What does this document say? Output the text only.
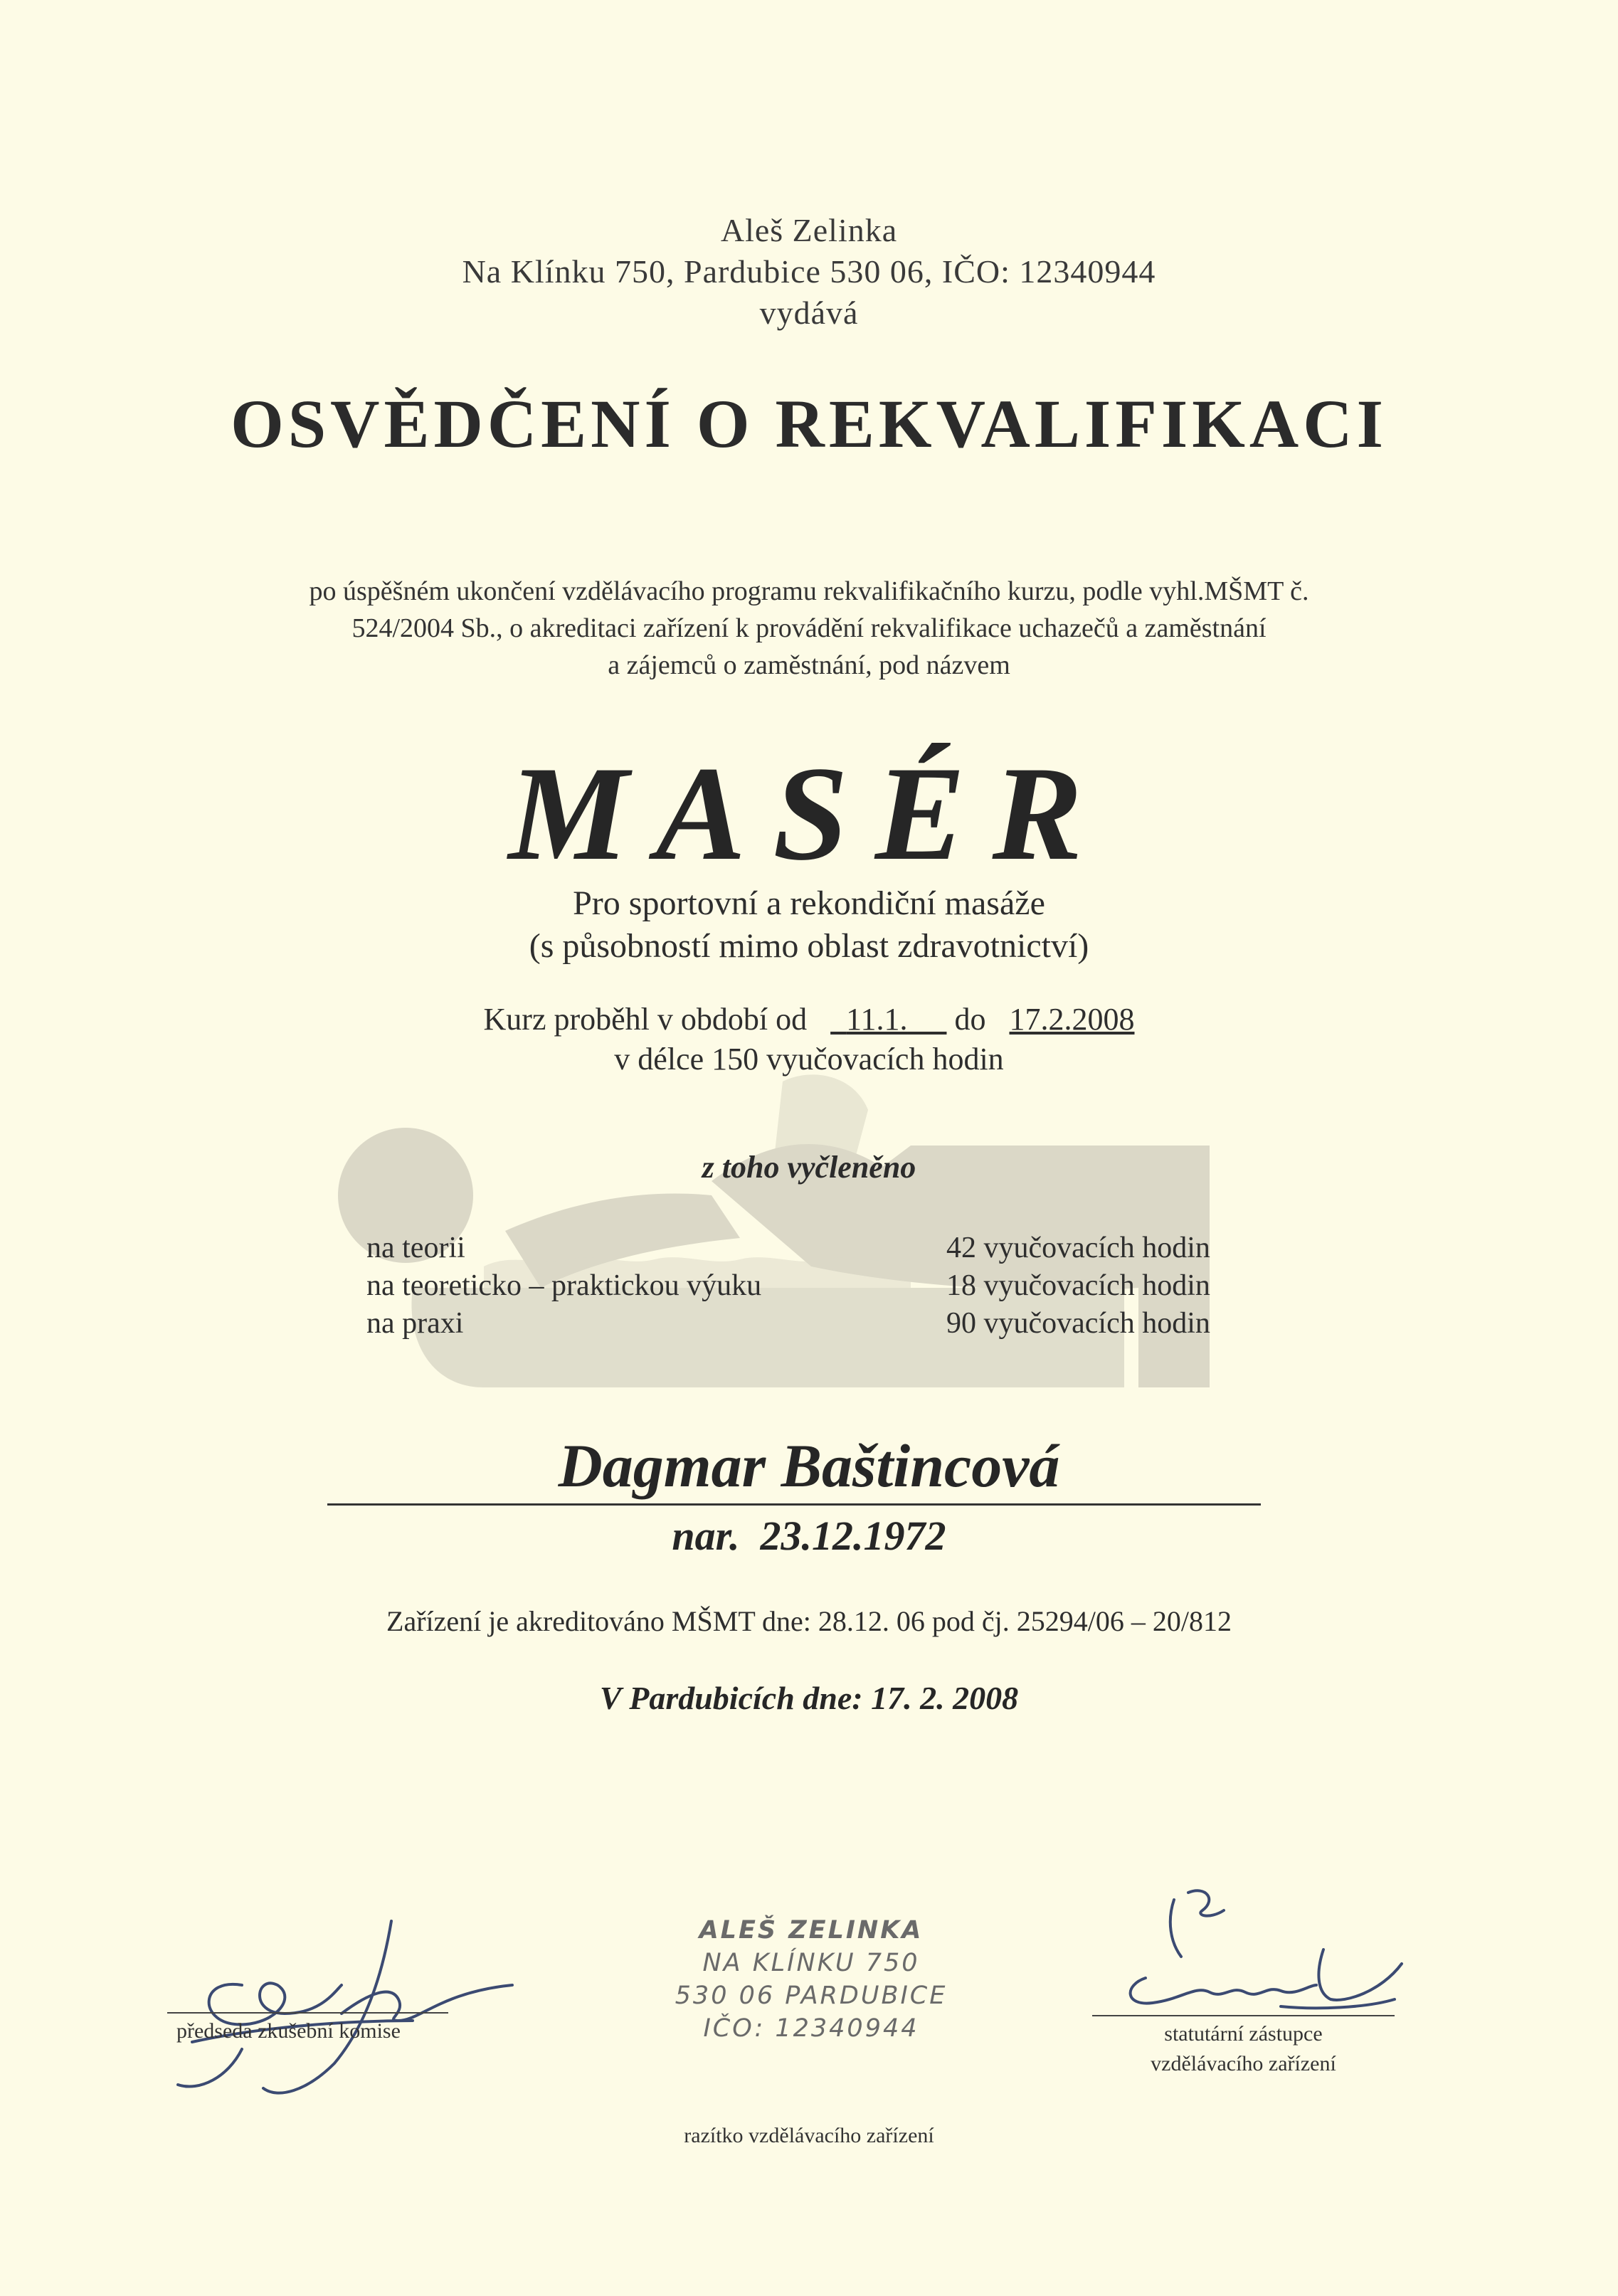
Aleš Zelinka
Na Klínku 750, Pardubice 530 06, IČO: 12340944
vydává
OSVĚDČENÍ O REKVALIFIKACI
po úspěšném ukončení vzdělávacího programu rekvalifikačního kurzu, podle vyhl.MŠMT č.
524/2004 Sb., o akreditaci zařízení k provádění rekvalifikace uchazečů a zaměstnání
a zájemců o zaměstnání, pod názvem
MASÉR
Pro sportovní a rekondiční masáže
(s působností mimo oblast zdravotnictví)
Kurz proběhl v období od 11.1. do 17.2.2008
v délce 150 vyučovacích hodin
z toho vyčleněno
na teorii	42 vyučovacích hodin
na teoreticko – praktickou výuku	18 vyučovacích hodin
na praxi	90 vyučovacích hodin
Dagmar Baštincová
nar.  23.12.1972
Zařízení je akreditováno MŠMT dne: 28.12. 06 pod čj. 25294/06 – 20/812
V Pardubicích dne: 17. 2. 2008
předseda zkušební komise
ALEŠ ZELINKA
NA KLÍNKU 750
530 06 PARDUBICE
IČO: 12340944	statutární zástupce
vzdělávacího zařízení
razítko vzdělávacího zařízení
